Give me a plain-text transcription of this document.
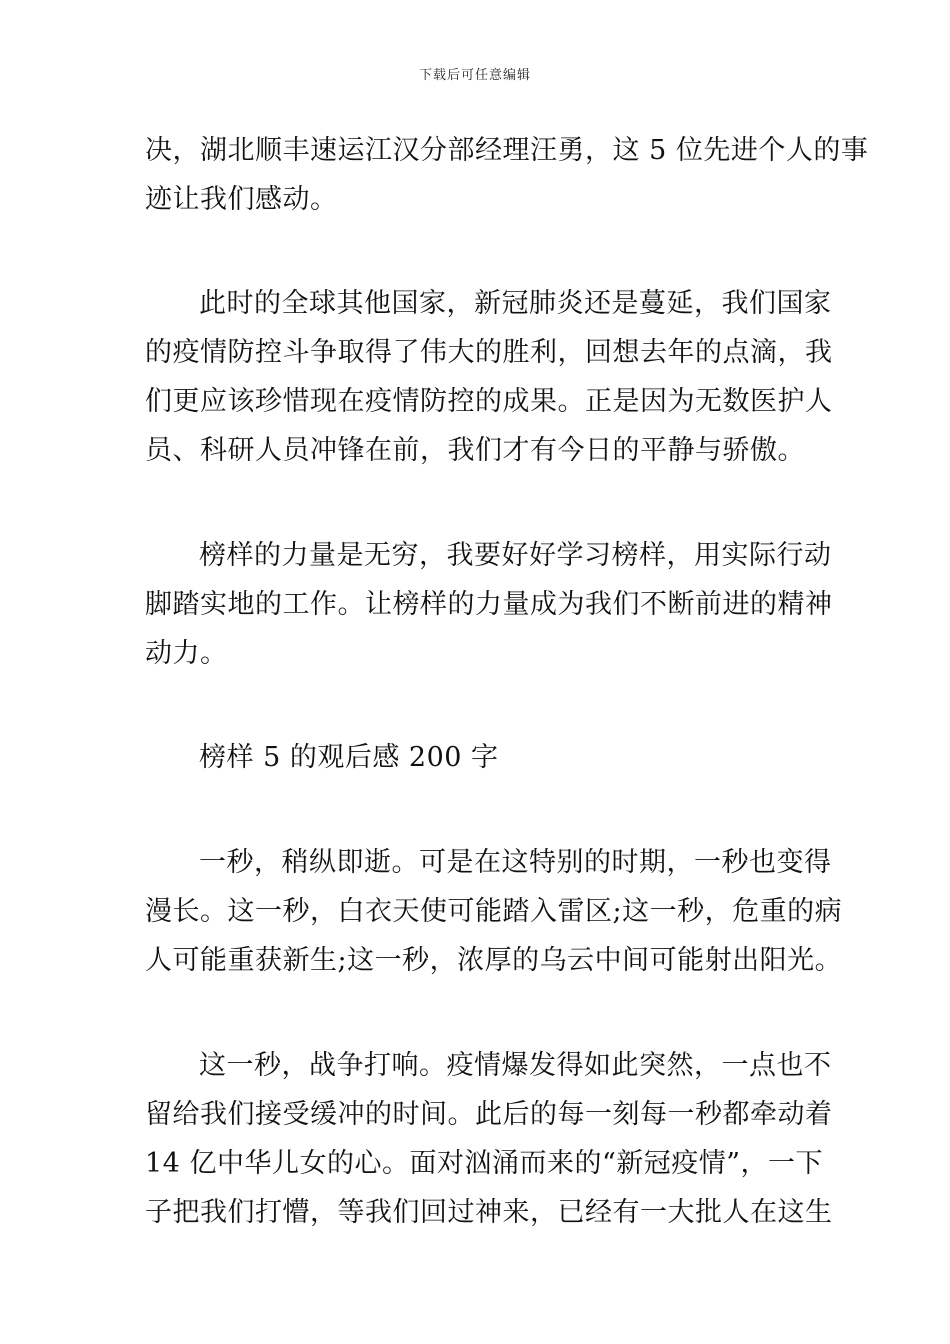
下载后可任意编辑

决，湖北顺丰速运江汉分部经理汪勇，这 5 位先进个人的事
迹让我们感动。

此时的全球其他国家，新冠肺炎还是蔓延，我们国家
的疫情防控斗争取得了伟大的胜利，回想去年的点滴，我
们更应该珍惜现在疫情防控的成果。正是因为无数医护人
员、科研人员冲锋在前，我们才有今日的平静与骄傲。

榜样的力量是无穷，我要好好学习榜样，用实际行动
脚踏实地的工作。让榜样的力量成为我们不断前进的精神
动力。

榜样 5 的观后感 200 字

一秒，稍纵即逝。可是在这特别的时期，一秒也变得
漫长。这一秒，白衣天使可能踏入雷区;这一秒，危重的病
人可能重获新生;这一秒，浓厚的乌云中间可能射出阳光。

这一秒，战争打响。疫情爆发得如此突然，一点也不
留给我们接受缓冲的时间。此后的每一刻每一秒都牵动着
14 亿中华儿女的心。面对汹涌而来的“新冠疫情”，一下
子把我们打懵，等我们回过神来，已经有一大批人在这生
